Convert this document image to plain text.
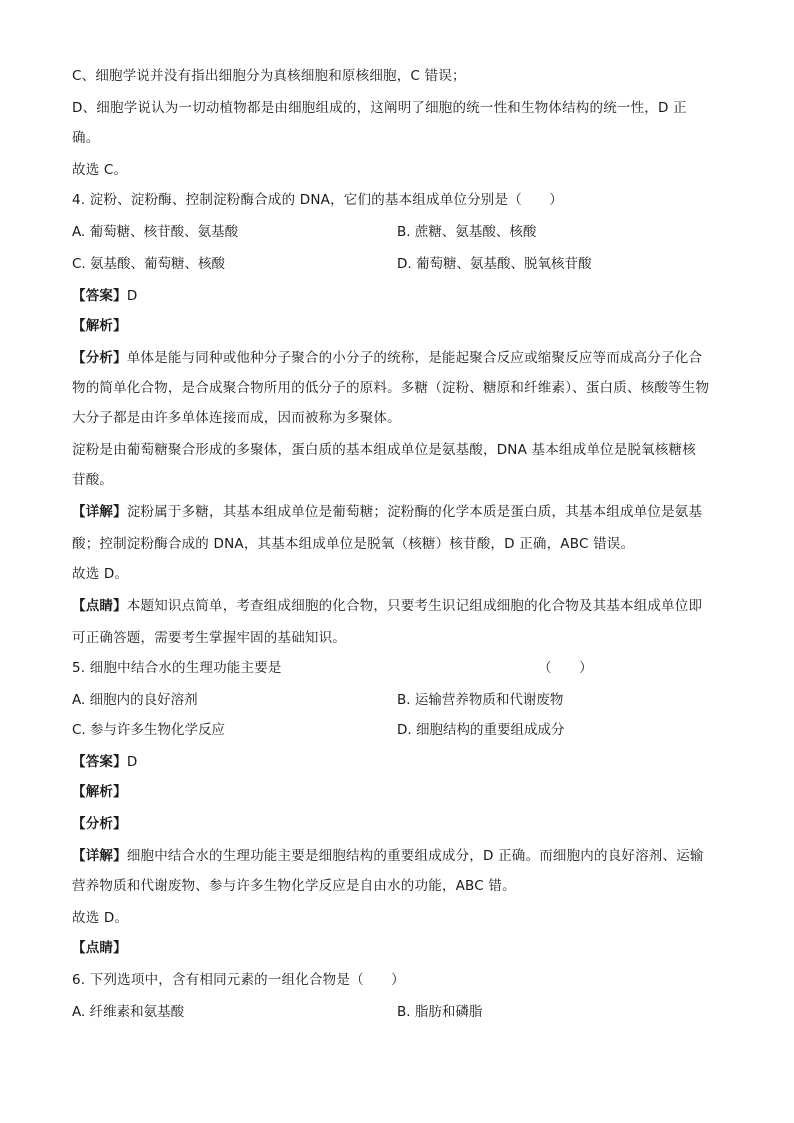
C、细胞学说并没有指出细胞分为真核细胞和原核细胞，C 错误；
D、细胞学说认为一切动植物都是由细胞组成的，这阐明了细胞的统一性和生物体结构的统一性，D 正
确。
故选 C。
4. 淀粉、淀粉酶、控制淀粉酶合成的 DNA，它们的基本组成单位分别是（　　）
A. 葡萄糖、核苷酸、氨基酸	B. 蔗糖、氨基酸、核酸
C. 氨基酸、葡萄糖、核酸	D. 葡萄糖、氨基酸、脱氧核苷酸
【答案】D
【解析】
【分析】单体是能与同种或他种分子聚合的小分子的统称，是能起聚合反应或缩聚反应等而成高分子化合
物的简单化合物，是合成聚合物所用的低分子的原料。多糖（淀粉、糖原和纤维素）、蛋白质、核酸等生物
大分子都是由许多单体连接而成，因而被称为多聚体。
淀粉是由葡萄糖聚合形成的多聚体，蛋白质的基本组成单位是氨基酸，DNA 基本组成单位是脱氧核糖核
苷酸。
【详解】淀粉属于多糖，其基本组成单位是葡萄糖；淀粉酶的化学本质是蛋白质，其基本组成单位是氨基
酸；控制淀粉酶合成的 DNA，其基本组成单位是脱氧（核糖）核苷酸，D 正确，ABC 错误。
故选 D。
【点睛】本题知识点简单，考查组成细胞的化合物，只要考生识记组成细胞的化合物及其基本组成单位即
可正确答题，需要考生掌握牢固的基础知识。
5. 细胞中结合水的生理功能主要是	（　　）
A. 细胞内的良好溶剂	B. 运输营养物质和代谢废物
C. 参与许多生物化学反应	D. 细胞结构的重要组成成分
【答案】D
【解析】
【分析】
【详解】细胞中结合水的生理功能主要是细胞结构的重要组成成分，D 正确。而细胞内的良好溶剂、运输
营养物质和代谢废物、参与许多生物化学反应是自由水的功能，ABC 错。
故选 D。
【点睛】
6. 下列选项中，含有相同元素的一组化合物是（　　）
A. 纤维素和氨基酸	B. 脂肪和磷脂
